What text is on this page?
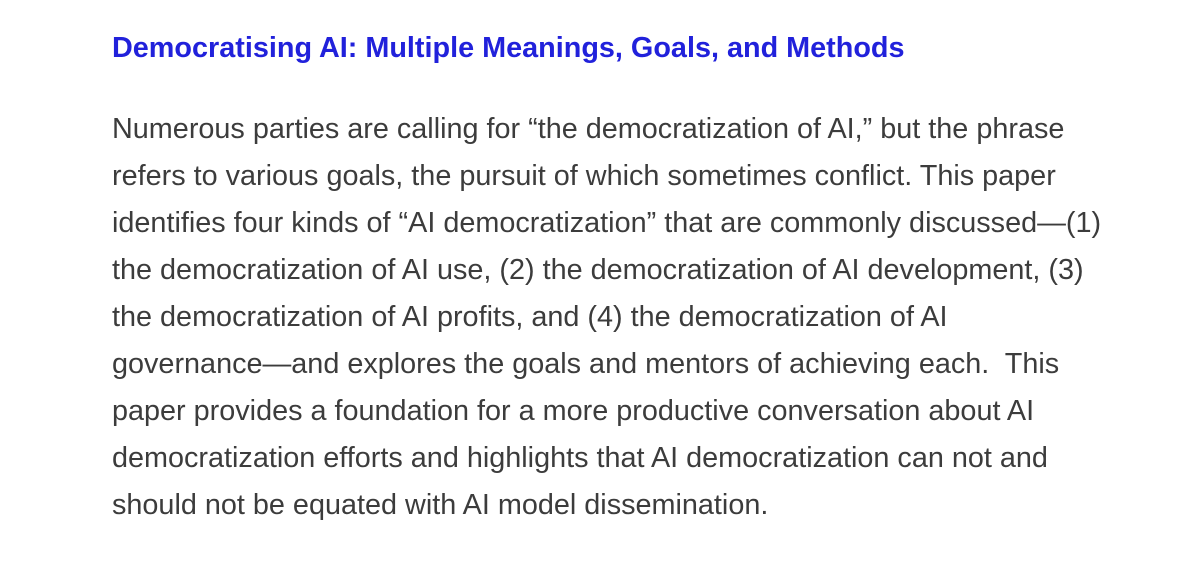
Democratising AI: Multiple Meanings, Goals, and Methods
Numerous parties are calling for “the democratization of AI,” but the phrase
refers to various goals, the pursuit of which sometimes conflict. This paper
identifies four kinds of “AI democratization” that are commonly discussed—(1)
the democratization of AI use, (2) the democratization of AI development, (3)
the democratization of AI profits, and (4) the democratization of AI
governance—and explores the goals and mentors of achieving each.  This
paper provides a foundation for a more productive conversation about AI
democratization efforts and highlights that AI democratization can not and
should not be equated with AI model dissemination.
